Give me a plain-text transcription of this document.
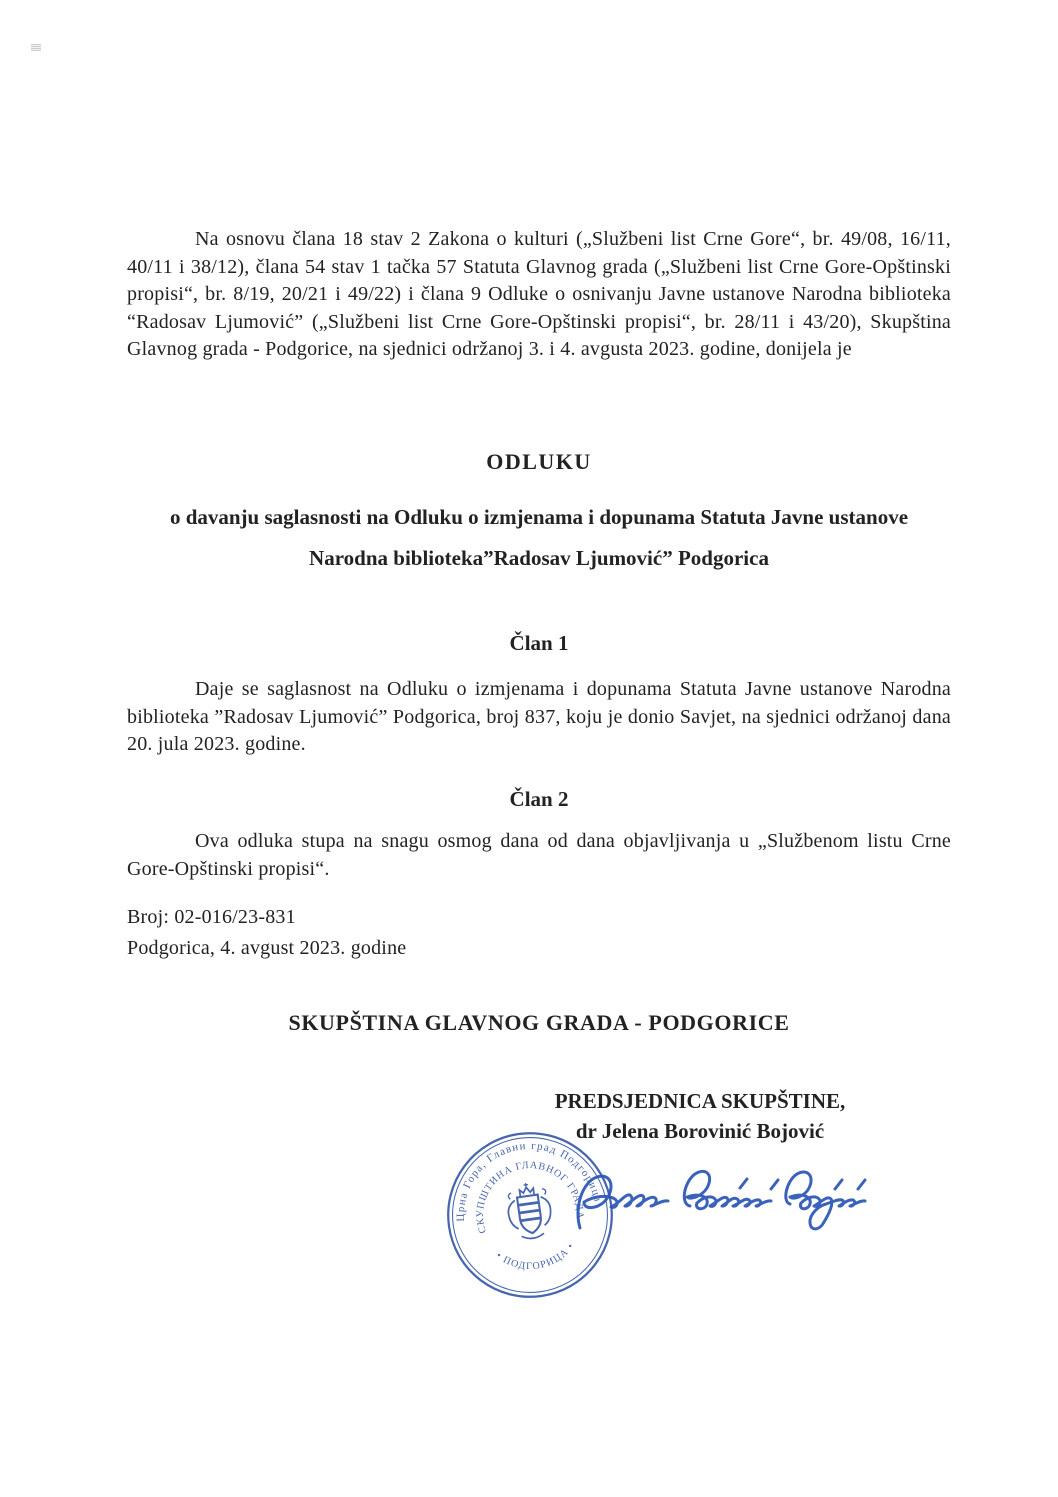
Na osnovu člana 18 stav 2 Zakona o kulturi („Službeni list Crne Gore“, br. 49/08, 16/11, 40/11 i 38/12), člana 54 stav 1 tačka 57 Statuta Glavnog grada („Službeni list Crne Gore-Opštinski propisi“, br. 8/19, 20/21 i 49/22) i člana 9 Odluke o osnivanju Javne ustanove Narodna biblioteka “Radosav Ljumović” („Službeni list Crne Gore-Opštinski propisi“, br. 28/11 i 43/20), Skupština Glavnog grada - Podgorice, na sjednici održanoj 3. i 4. avgusta 2023. godine, donijela je

ODLUKU
o davanju saglasnosti na Odluku o izmjenama i dopunama Statuta Javne ustanove Narodna biblioteka”Radosav Ljumović” Podgorica
Član 1

Daje se saglasnost na Odluku o izmjenama i dopunama Statuta Javne ustanove Narodna biblioteka ”Radosav Ljumović” Podgorica, broj 837, koju je donio Savjet, na sjednici održanoj dana 20. jula 2023. godine.

Član 2

Ova odluka stupa na snagu osmog dana od dana objavljivanja u „Službenom listu Crne Gore-Opštinski propisi“.

Broj: 02-016/23-831
Podgorica, 4. avgust 2023. godine
SKUPŠTINA GLAVNOG GRADA - PODGORICE
PREDSJEDNICA SKUPŠTINE,
dr Jelena Borovinić Bojović
Црна Гора, Главни град Подгорица
СКУПШТИНА ГЛАВНОГ ГРАДА
• ПОДГОРИЦА •
